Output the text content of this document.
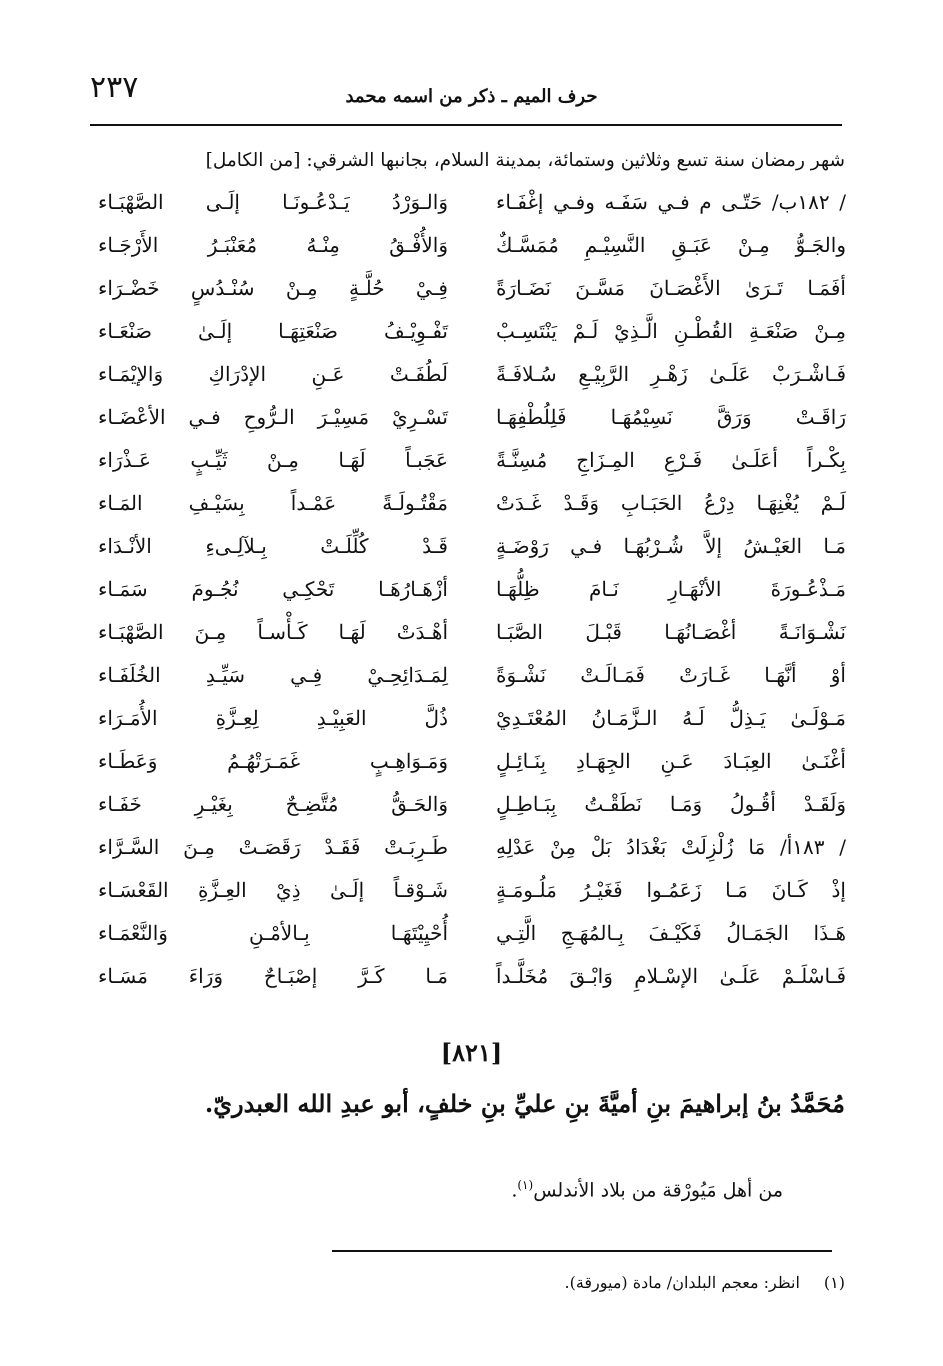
٢٣٧	حرف الميم ـ ذكر من اسمه محمد
شهر رمضان سنة تسع وثلاثين وستمائة، بمدينة السلام، بجانبها الشرقي: [من الكامل]
/ ١٨٢ب/ حَتّـى م فـي سَفَـه وفـي إغْفَـاء
وَالـوَرْدُ يَـدْعُـونَـا إلَـى الصَّهْبَـاء
والجَـوُّ مِـنْ عَبَـقِ النَّسِيْـمِ مُمَسَّـكٌ
وَالأُفْـقُ مِنْـهُ مُعَنْبَـرُ الأَرْجَـاء
أفَمَـا تَـرَىٰ الأَغْصَـانَ مَسَّـنَ نَضَـارَةً
فِـيْ حُلَّـةٍ مِـنْ سُنْـدُسٍ خَضْـرَاء
مِـنْ صَنْعَـةِ القُطْـنِ الَّـذِيْ لَـمْ يَنْتَسِـبْ
تَفْـوِيْـفُ صَنْعَتِهَـا إلَـىٰ صَنْعَـاء
فَـاشْـرَبْ عَلَـىٰ زَهْـرِ الرَّبِيْـعِ سُـلافَـةً
لَطُفَـتْ عَـنِ الإدْرَاكِ وَالإيْمَـاء
رَاقَـتْ وَرَقَّ نَسِيْمُهَـا فَلِلُطْفِهَـا
تَسْـرِيْ مَسِيْـرَ الـرُّوحِ فـي الأعْضَـاء
بِكْـراً أعَلَـىٰ فَـرْعِ المِـزَاجِ مُسِنَّـةً
عَجَبـاً لَهَـا مِـنْ ثَيِّـبٍ عَـذْرَاء
لَـمْ يُغْنِهَـا دِرْعُ الحَبَـابِ وَقَـدْ غَـدَتْ
مَقْتُـولَـةً عَمْـداً بِسَيْـفِ المَـاء
مَـا العَيْـشُ إلاَّ شُـرْبُهَـا فـي رَوْضَـةٍ
قَـدْ كُلِّلَـتْ بِـلآلِـىءِ الأنْـدَاء
مَـذْعُـورَةَ الأنْهَـارِ نَـامَ ظِلُّهَـا
أزْهَـارُهَـا تَحْكِـي نُجُـومَ سَمَـاء
نَشْـوَانَـةً أغْصَـانُهَـا قَبْـلَ الصَّبَـا
أهْـدَتْ لَهَـا كَـأْسـاً مِـنَ الصَّهْبَـاء
أوْ أنَّهَـا غَـارَتْ فَمَـالَـتْ نَشْـوَةً
لِمَـدَائِحِـيْ فِـي سَيِّـدِ الخُلَفَـاء
مَـوْلَـىٰ يَـذِلُّ لَـهُ الـزَّمَـانُ المُعْتَـدِيْ
ذُلَّ العَبِيْـدِ لِعِـزَّةِ الأُمَـرَاء
أغْنَـىٰ العِبَـادَ عَـنِ الجِهَـادِ بِنَـائِـلٍ
وَمَـوَاهِـبٍ غَمَـرَتْهُـمُ وَعَطَـاء
وَلَقَـدْ أقُـولُ وَمَـا نَطَقْـتُ بِبَـاطِـلٍ
وَالحَـقُّ مُتَّضِـحٌ بِغَيْـرِ خَفَـاء
/ ١٨٣أ/ مَا زُلْزِلَتْ بَغْدَادُ بَلْ مِنْ عَدْلِهِ
طَـرِبَـتْ فَقَـدْ رَقَصَـتْ مِـنَ السَّـرَّاء
إذْ كَـانَ مَـا زَعَمُـوا فَغَيْـرُ مَلُـومَـةٍ
شَـوْقـاً إلَـىٰ ذِيْ العِـزَّةِ القَعْسَـاء
هَـذَا الجَمَـالُ فَكَيْـفَ بِـالمُهَـجِ الَّتِـي
أُحْيِيْتَهَـا بِـالأمْـنِ وَالنَّعْمَـاء
فَـاسْلَـمْ عَلَـىٰ الإسْـلامِ وَابْـقَ مُخَلَّـداً
مَـا كَـرَّ إصْبَـاحٌ وَرَاءَ مَسَـاء
[٨٢١]
مُحَمَّدُ بنُ إبراهيمَ بنِ أميَّةَ بنِ عليِّ بنِ خلفٍ، أبو عبدِ الله العبدريّ.
من أهل مَيُورْقة من بلاد الأندلس$^{(١)}$.
(١)انظر: معجم البلدان/ مادة (ميورقة).
